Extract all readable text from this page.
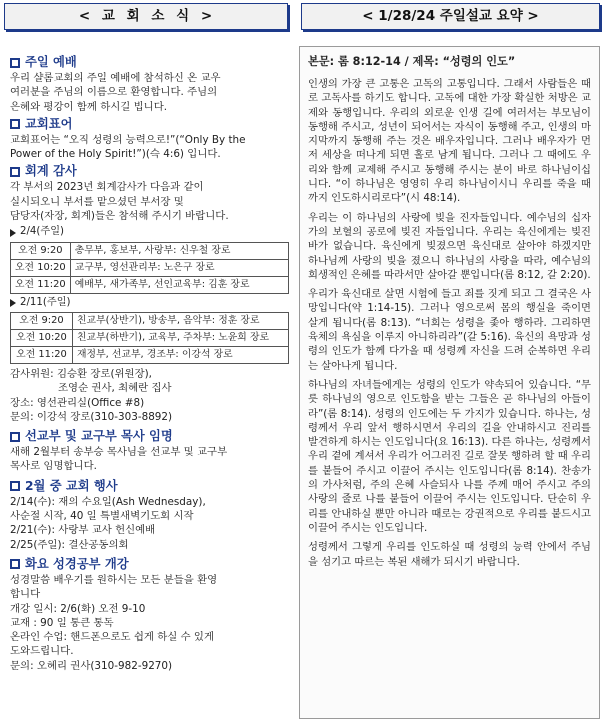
< 교 회 소 식 >	< 1/28/24 주일설교 요약 >
주일 예배
우리 샬롬교회의 주일 예배에 참석하신 온 교우
여러분을 주님의 이름으로 환영합니다. 주님의
은혜와 평강이 함께 하시길 빕니다.
교회표어
교회표어는 “오직 성령의 능력으로!”(“Only By the
Power of the Holy Spirit!”)(슥 4:6) 입니다.
회계 감사
각 부서의 2023년 회계감사가 다음과 같이
실시되오니 부서를 맡으셨던 부서장 및
담당자(자장, 회계)들은 참석해 주시기 바랍니다.
2/4(주일)
오전 9:20	총무부, 홍보부, 사랑부: 신우철 장로
오전 10:20	교구부, 영선관리부: 노은구 장로
오전 11:20	예배부, 새가족부, 선인교육부: 김훈 장로
2/11(주일)
오전 9:20	친교부(상반기), 방송부, 음악부: 정훈 장로
오전 10:20	친교부(하반기), 교육부, 주차부: 노윤희 장로
오전 11:20	재정부, 선교부, 경조부: 이강석 장로
감사위원: 김승환 장로(위원장),
조영순 권사, 최혜란 집사
장소: 영선관리실(Office #8)
문의: 이강석 장로(310-303-8892)
선교부 및 교구부 목사 임명
새해 2월부터 송부승 목사님을 선교부 및 교구부
목사로 임명합니다.
2월 중 교회 행사
2/14(수): 재의 수요일(Ash Wednesday),
사순절 시작, 40 일 특별새벽기도회 시작
2/21(수): 사랑부 교사 헌신예배
2/25(주일): 결산공동의회
화요 성경공부 개강
성경말씀 배우기를 원하시는 모든 분들을 환영
합니다
개강 일시: 2/6(화) 오전 9-10
교재 : 90 일 통큰 통독
온라인 수업: 핸드폰으로도 쉽게 하실 수 있게
도와드립니다.
문의: 오혜리 권사(310-982-9270)
본문: 롬 8:12-14 / 제목: “성령의 인도”
인생의 가장 큰 고통은 고독의 고통입니다. 그래서 사람들은 때로 고독사를 하기도 합니다. 고독에 대한 가장 확실한 처방은 교제와 동행입니다. 우리의 외로운 인생 길에 여러서는 부모님이 동행해 주시고, 성년이 되어서는 자식이 동행해 주고, 인생의 마지막까지 동행해 주는 것은 배우자입니다. 그러나 배우자가 먼저 세상을 떠나게 되면 홀로 남게 됩니다. 그러나 그 때에도 우리와 함께 교제해 주시고 동행해 주시는 분이 바로 하나님이십니다. “이 하나님은 영영히 우리 하나님이시니 우리를 죽을 때까지 인도하시리로다”(시 48:14).
우리는 이 하나님의 사랑에 빚을 진자들입니다. 예수님의 십자가의 보혈의 공로에 빚진 자들입니다. 우리는 육신에게는 빚진 바가 없습니다. 육신에게 빚졌으면 육신대로 살아야 하겠지만 하나님께 사랑의 빚을 졌으니 하나님의 사랑을 따라, 예수님의 희생적인 은혜를 따라서만 살아갈 뿐입니다(롬 8:12, 갈 2:20).
우리가 육신대로 살면 시험에 들고 죄를 짓게 되고 그 결국은 사망입니다(약 1:14-15). 그러나 영으로써 몸의 행실을 죽이면 살게 됩니다(롬 8:13). “너희는 성령을 좇아 행하라. 그리하면 육체의 욕심을 이루지 아니하리라”(갈 5:16). 육신의 욕망과 성령의 인도가 함께 다가올 때 성령께 자신을 드려 순복하면 우리는 살아나게 됩니다.
하나님의 자녀들에게는 성령의 인도가 약속되어 있습니다. “무릇 하나님의 영으로 인도함을 받는 그들은 곧 하나님의 아들이라”(롬 8:14). 성령의 인도에는 두 가지가 있습니다. 하나는, 성령께서 우리 앞서 행하시면서 우리의 길을 안내하시고 진리를 발견하게 하시는 인도입니다(요 16:13). 다른 하나는, 성령께서 우리 곁에 계셔서 우리가 어그러진 길로 잘못 행하려 할 때 우리를 붙들어 주시고 이끌어 주시는 인도입니다(롬 8:14). 찬송가의 가사처럼, 주의 은혜 사슬되사 나를 주께 매어 주시고 주의 사랑의 줄로 나를 붙들어 이끌어 주시는 인도입니다. 단순히 우리를 안내하실 뿐만 아니라 때로는 강권적으로 우리를 붙드시고 이끌어 주시는 인도입니다.
성령께서 그렇게 우리를 인도하실 때 성령의 능력 안에서 주님을 섬기고 따르는 복된 새해가 되시기 바랍니다.
